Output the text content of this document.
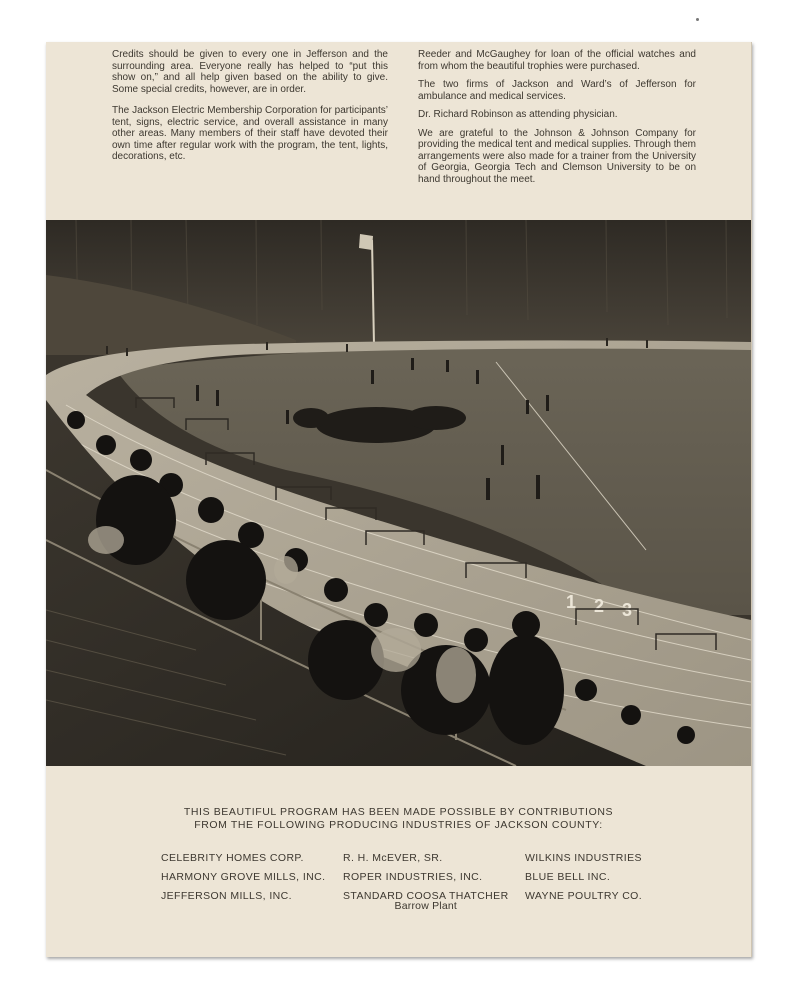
Credits should be given to every one in Jefferson and the surrounding area. Everyone really has helped to “put this show on,” and all help given based on the ability to give. Some special credits, however, are in order.

The Jackson Electric Membership Corporation for participants’ tent, signs, electric service, and overall assistance in many other areas. Many members of their staff have devoted their own time after regular work with the program, the tent, lights, decorations, etc.

Reeder and McGaughey for loan of the official watches and from whom the beautiful trophies were purchased.

The two firms of Jackson and Ward’s of Jefferson for ambulance and medical services.

Dr. Richard Robinson as attending physician.

We are grateful to the Johnson & Johnson Company for providing the medical tent and medical supplies. Through them arrangements were also made for a trainer from the University of Georgia, Georgia Tech and Clemson University to be on hand throughout the meet.

1 2 3
THIS BEAUTIFUL PROGRAM HAS BEEN MADE POSSIBLE BY CONTRIBUTIONS
FROM THE FOLLOWING PRODUCING INDUSTRIES OF JACKSON COUNTY:
CELEBRITY HOMES CORP.
HARMONY GROVE MILLS, INC.
JEFFERSON MILLS, INC.
R. H. McEVER, SR.
ROPER INDUSTRIES, INC.
STANDARD COOSA THATCHER
Barrow Plant
WILKINS INDUSTRIES
BLUE BELL INC.
WAYNE POULTRY CO.
